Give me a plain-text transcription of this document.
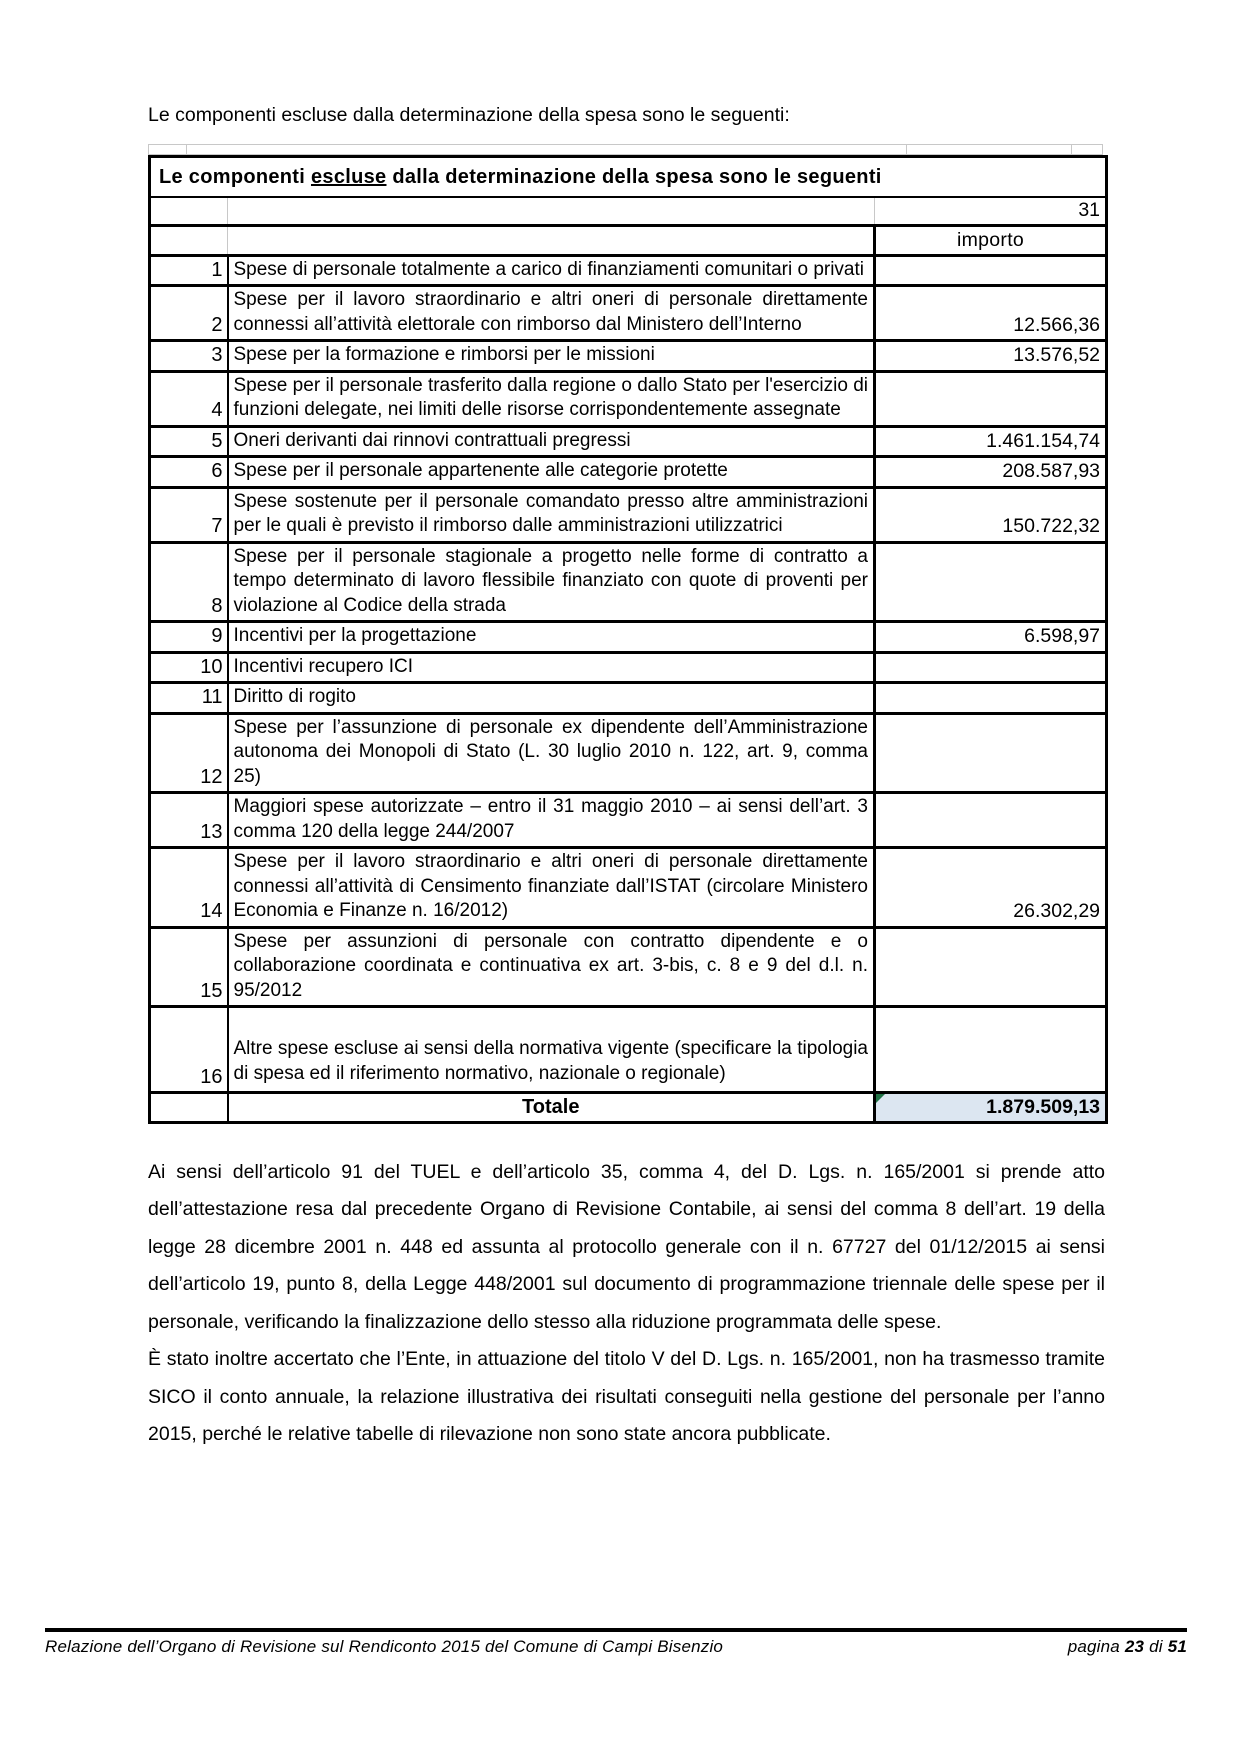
Le componenti escluse dalla determinazione della spesa sono le seguenti:

Le componenti escluse dalla determinazione della spesa sono le seguenti		
		31
		importo
1	Spese di personale totalmente a carico di finanziamenti comunitari o privati	
2	Spese per il lavoro straordinario e altri oneri di personale direttamente connessi all’attività elettorale con rimborso dal Ministero dell’Interno	12.566,36
3	Spese per la formazione e rimborsi per le missioni	13.576,52
4	Spese per il personale trasferito dalla regione o dallo Stato per l'esercizio di funzioni delegate, nei limiti delle risorse corrispondentemente assegnate	
5	Oneri derivanti dai rinnovi contrattuali pregressi	1.461.154,74
6	Spese per il personale appartenente alle categorie protette	208.587,93
7	Spese sostenute per il personale comandato presso altre amministrazioni per le quali è previsto il rimborso dalle amministrazioni utilizzatrici	150.722,32
8	Spese per il personale stagionale a progetto nelle forme di contratto a tempo determinato di lavoro flessibile finanziato con quote di proventi per violazione al Codice della strada	
9	Incentivi per la progettazione	6.598,97
10	Incentivi recupero ICI	
11	Diritto di rogito	
12	Spese per l’assunzione di personale ex dipendente dell’Amministrazione autonoma dei Monopoli di Stato (L. 30 luglio 2010 n. 122, art. 9, comma 25)	
13	Maggiori spese autorizzate – entro il 31 maggio 2010 – ai sensi dell’art. 3 comma 120 della legge 244/2007	
14	Spese per il lavoro straordinario e altri oneri di personale direttamente connessi all’attività di Censimento finanziate dall’ISTAT (circolare Ministero Economia e Finanze n. 16/2012)	26.302,29
15	Spese per assunzioni di personale con contratto dipendente e o collaborazione coordinata e continuativa ex art. 3-bis, c. 8 e 9 del d.l. n. 95/2012	
16	Altre spese escluse ai sensi della normativa vigente (specificare la tipologia di spesa ed il riferimento normativo, nazionale o regionale)	
	Totale	1.879.509,13

Ai sensi dell’articolo 91 del TUEL e dell’articolo 35, comma 4, del D. Lgs. n. 165/2001 si prende atto dell’attestazione resa dal precedente Organo di Revisione Contabile, ai sensi del comma 8 dell’art. 19 della legge 28 dicembre 2001 n. 448 ed assunta al protocollo generale con il n. 67727 del 01/12/2015 ai sensi dell’articolo 19, punto 8, della Legge 448/2001 sul documento di programmazione triennale delle spese per il personale, verificando la finalizzazione dello stesso alla riduzione programmata delle spese.

È stato inoltre accertato che l’Ente, in attuazione del titolo V del D. Lgs. n. 165/2001, non ha trasmesso tramite SICO il conto annuale, la relazione illustrativa dei risultati conseguiti nella gestione del personale per l’anno 2015, perché le relative tabelle di rilevazione non sono state ancora pubblicate.

Relazione dell’Organo di Revisione sul Rendiconto 2015 del Comune di Campi Bisenzio	pagina 23 di 51
